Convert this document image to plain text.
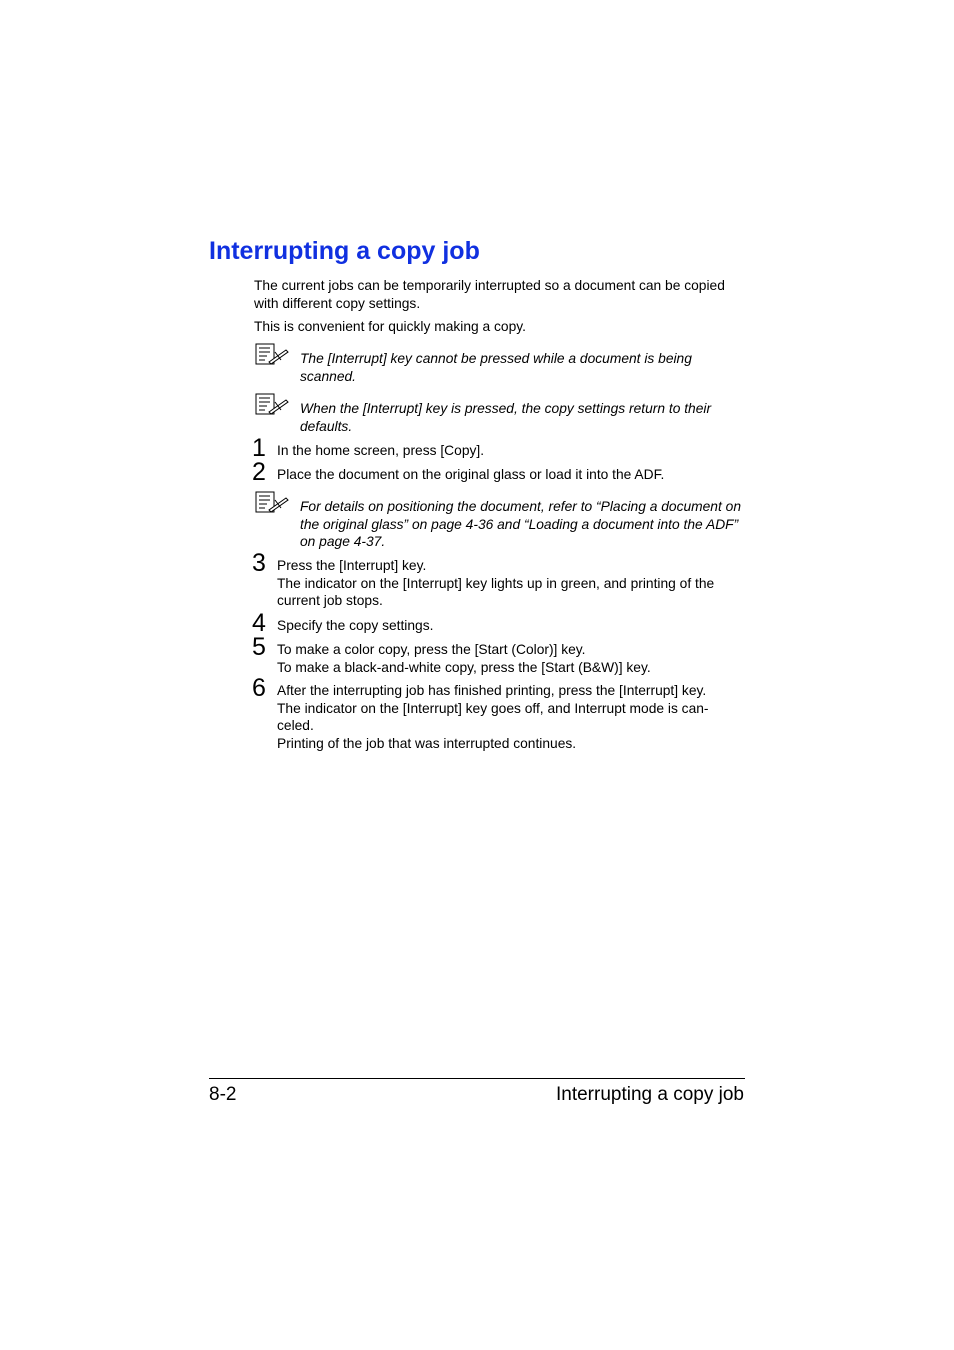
Interrupting a copy job

The current jobs can be temporarily interrupted so a document can be copied with different copy settings.

This is convenient for quickly making a copy.

The [Interrupt] key cannot be pressed while a document is being scanned.

When the [Interrupt] key is pressed, the copy settings return to their defaults.

1 In the home screen, press [Copy].

2 Place the document on the original glass or load it into the ADF.

For details on positioning the document, refer to “Placing a document on the original glass” on page 4-36 and “Loading a document into the ADF” on page 4-37.

3 Press the [Interrupt] key.
The indicator on the [Interrupt] key lights up in green, and printing of the current job stops.

4 Specify the copy settings.

5 To make a color copy, press the [Start (Color)] key.
To make a black-and-white copy, press the [Start (B&W)] key.

6 After the interrupting job has finished printing, press the [Interrupt] key.
The indicator on the [Interrupt] key goes off, and Interrupt mode is can-celed.
Printing of the job that was interrupted continues.

8-2	Interrupting a copy job
